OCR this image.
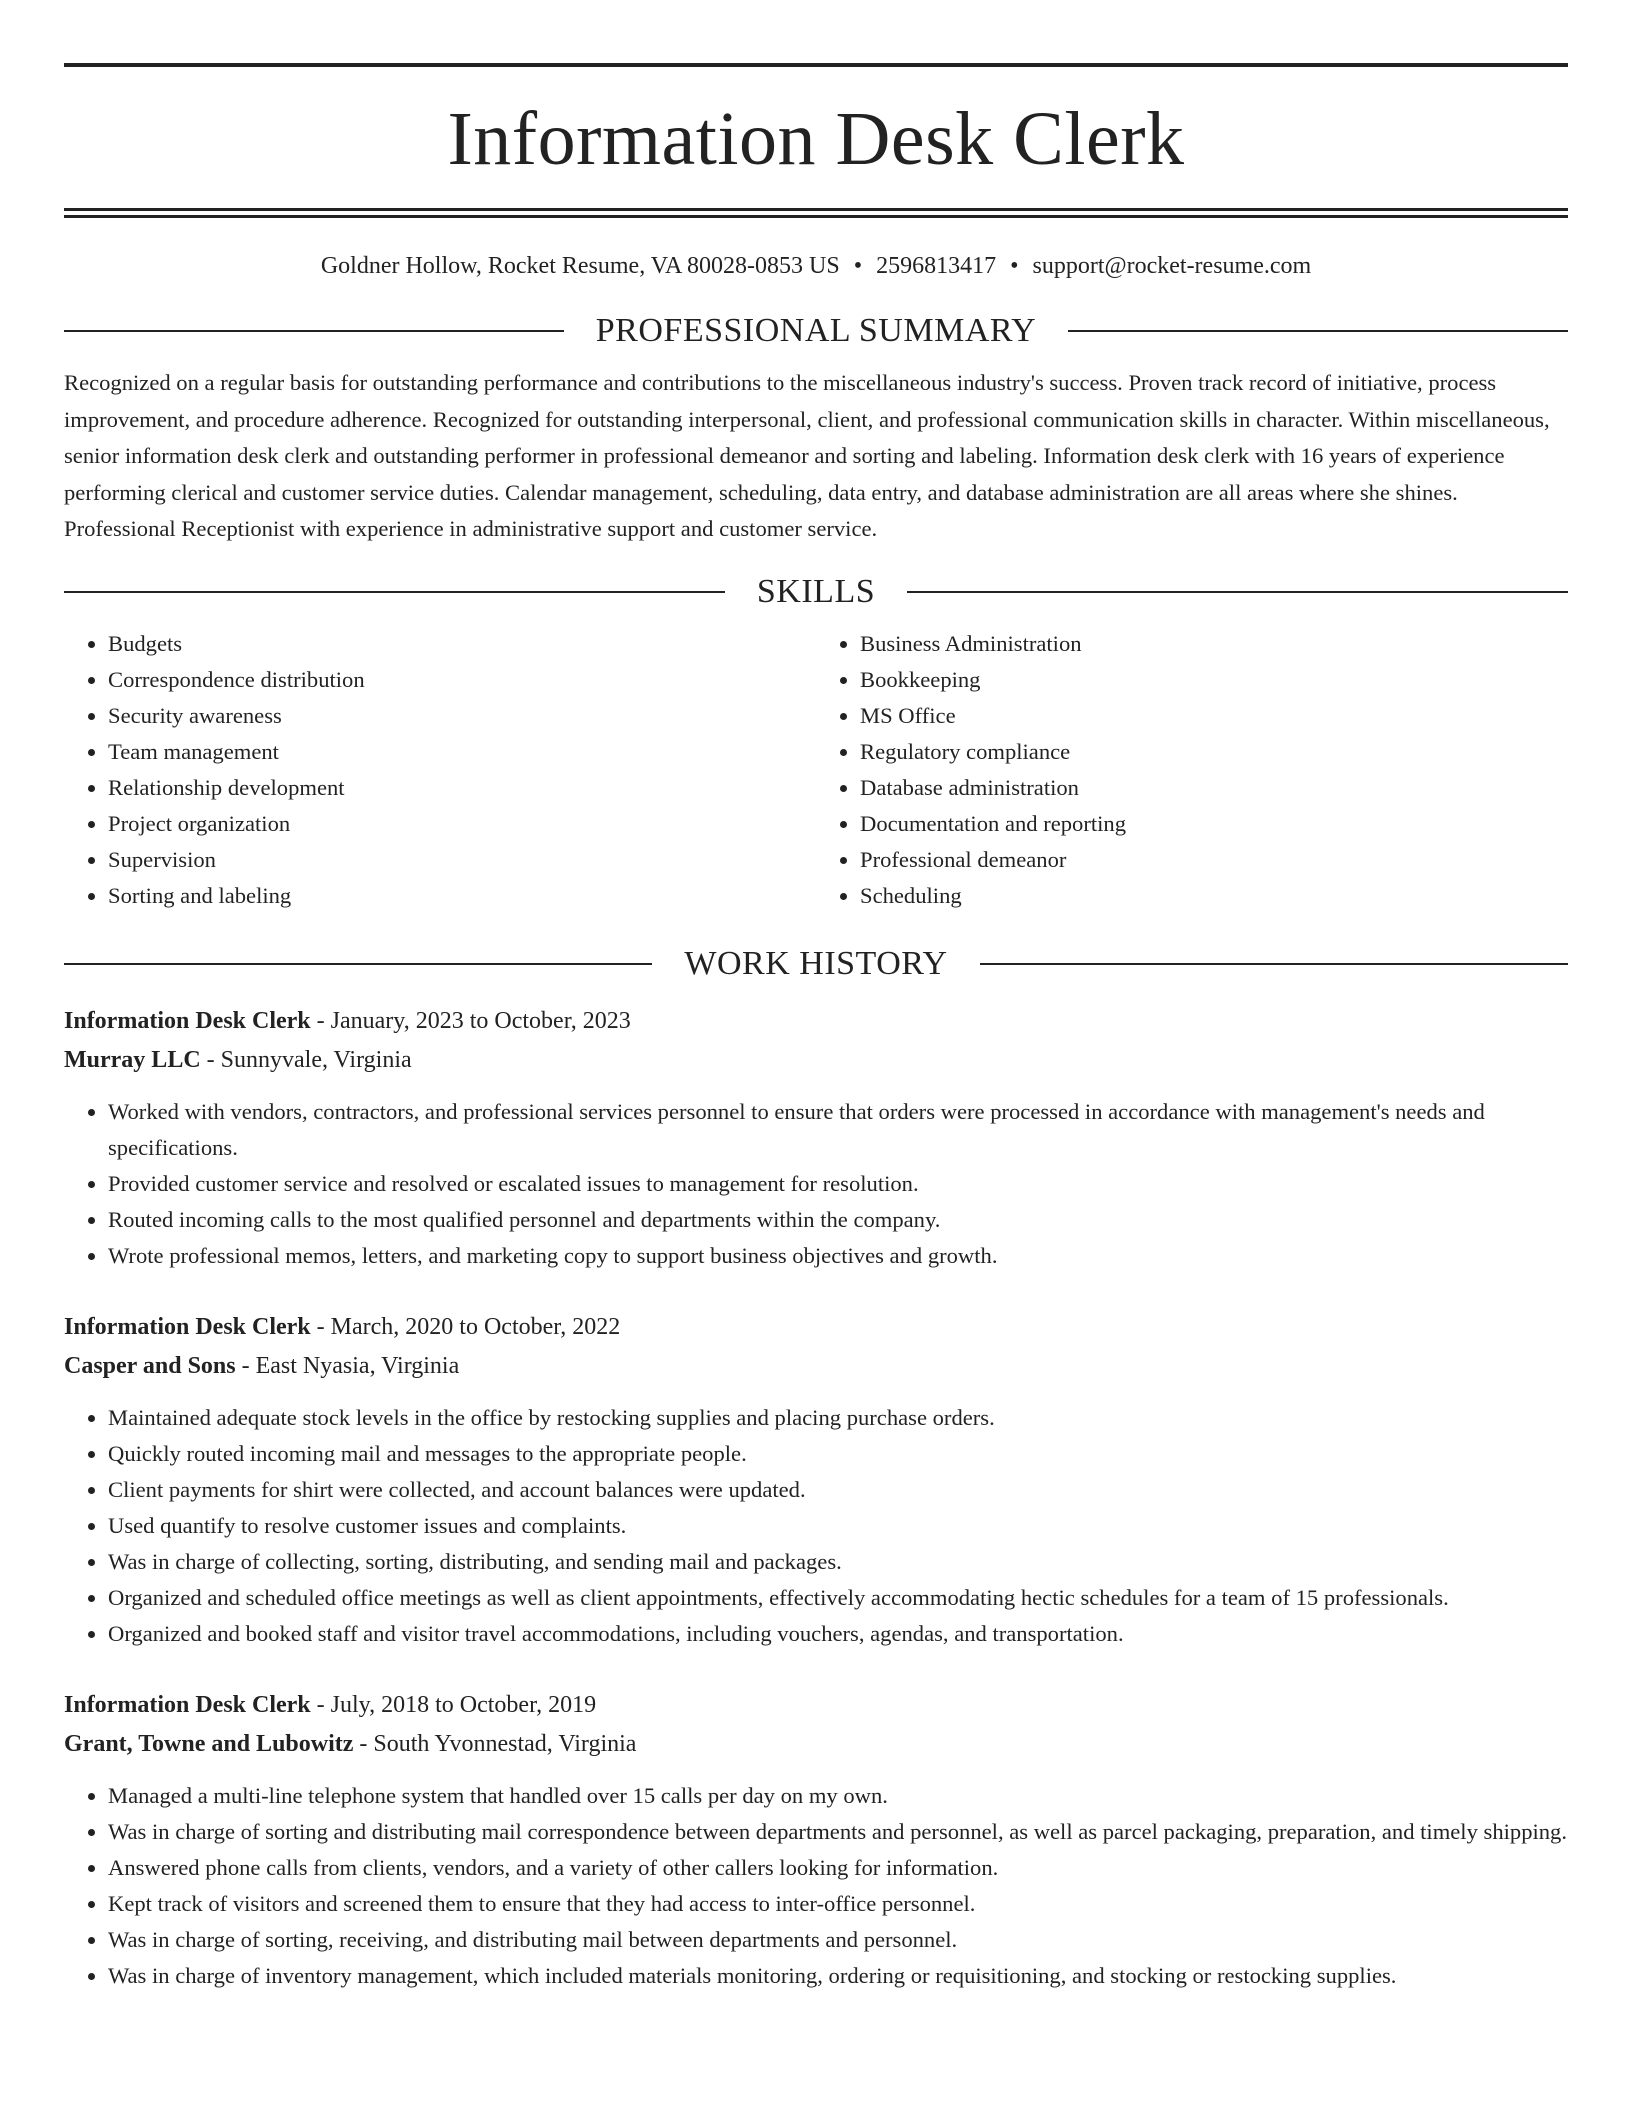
Information Desk Clerk
Goldner Hollow, Rocket Resume, VA 80028-0853 US • 2596813417 • support@rocket-resume.com
PROFESSIONAL SUMMARY
Recognized on a regular basis for outstanding performance and contributions to the miscellaneous industry's success. Proven track record of initiative, process improvement, and procedure adherence. Recognized for outstanding interpersonal, client, and professional communication skills in character. Within miscellaneous, senior information desk clerk and outstanding performer in professional demeanor and sorting and labeling. Information desk clerk with 16 years of experience performing clerical and customer service duties. Calendar management, scheduling, data entry, and database administration are all areas where she shines. Professional Receptionist with experience in administrative support and customer service.
SKILLS
• Budgets
• Correspondence distribution
• Security awareness
• Team management
• Relationship development
• Project organization
• Supervision
• Sorting and labeling
• Business Administration
• Bookkeeping
• MS Office
• Regulatory compliance
• Database administration
• Documentation and reporting
• Professional demeanor
• Scheduling
WORK HISTORY
Information Desk Clerk - January, 2023 to October, 2023
Murray LLC - Sunnyvale, Virginia
• Worked with vendors, contractors, and professional services personnel to ensure that orders were processed in accordance with management's needs and specifications.
• Provided customer service and resolved or escalated issues to management for resolution.
• Routed incoming calls to the most qualified personnel and departments within the company.
• Wrote professional memos, letters, and marketing copy to support business objectives and growth.
Information Desk Clerk - March, 2020 to October, 2022
Casper and Sons - East Nyasia, Virginia
• Maintained adequate stock levels in the office by restocking supplies and placing purchase orders.
• Quickly routed incoming mail and messages to the appropriate people.
• Client payments for shirt were collected, and account balances were updated.
• Used quantify to resolve customer issues and complaints.
• Was in charge of collecting, sorting, distributing, and sending mail and packages.
• Organized and scheduled office meetings as well as client appointments, effectively accommodating hectic schedules for a team of 15 professionals.
• Organized and booked staff and visitor travel accommodations, including vouchers, agendas, and transportation.
Information Desk Clerk - July, 2018 to October, 2019
Grant, Towne and Lubowitz - South Yvonnestad, Virginia
• Managed a multi-line telephone system that handled over 15 calls per day on my own.
• Was in charge of sorting and distributing mail correspondence between departments and personnel, as well as parcel packaging, preparation, and timely shipping.
• Answered phone calls from clients, vendors, and a variety of other callers looking for information.
• Kept track of visitors and screened them to ensure that they had access to inter-office personnel.
• Was in charge of sorting, receiving, and distributing mail between departments and personnel.
• Was in charge of inventory management, which included materials monitoring, ordering or requisitioning, and stocking or restocking supplies.
